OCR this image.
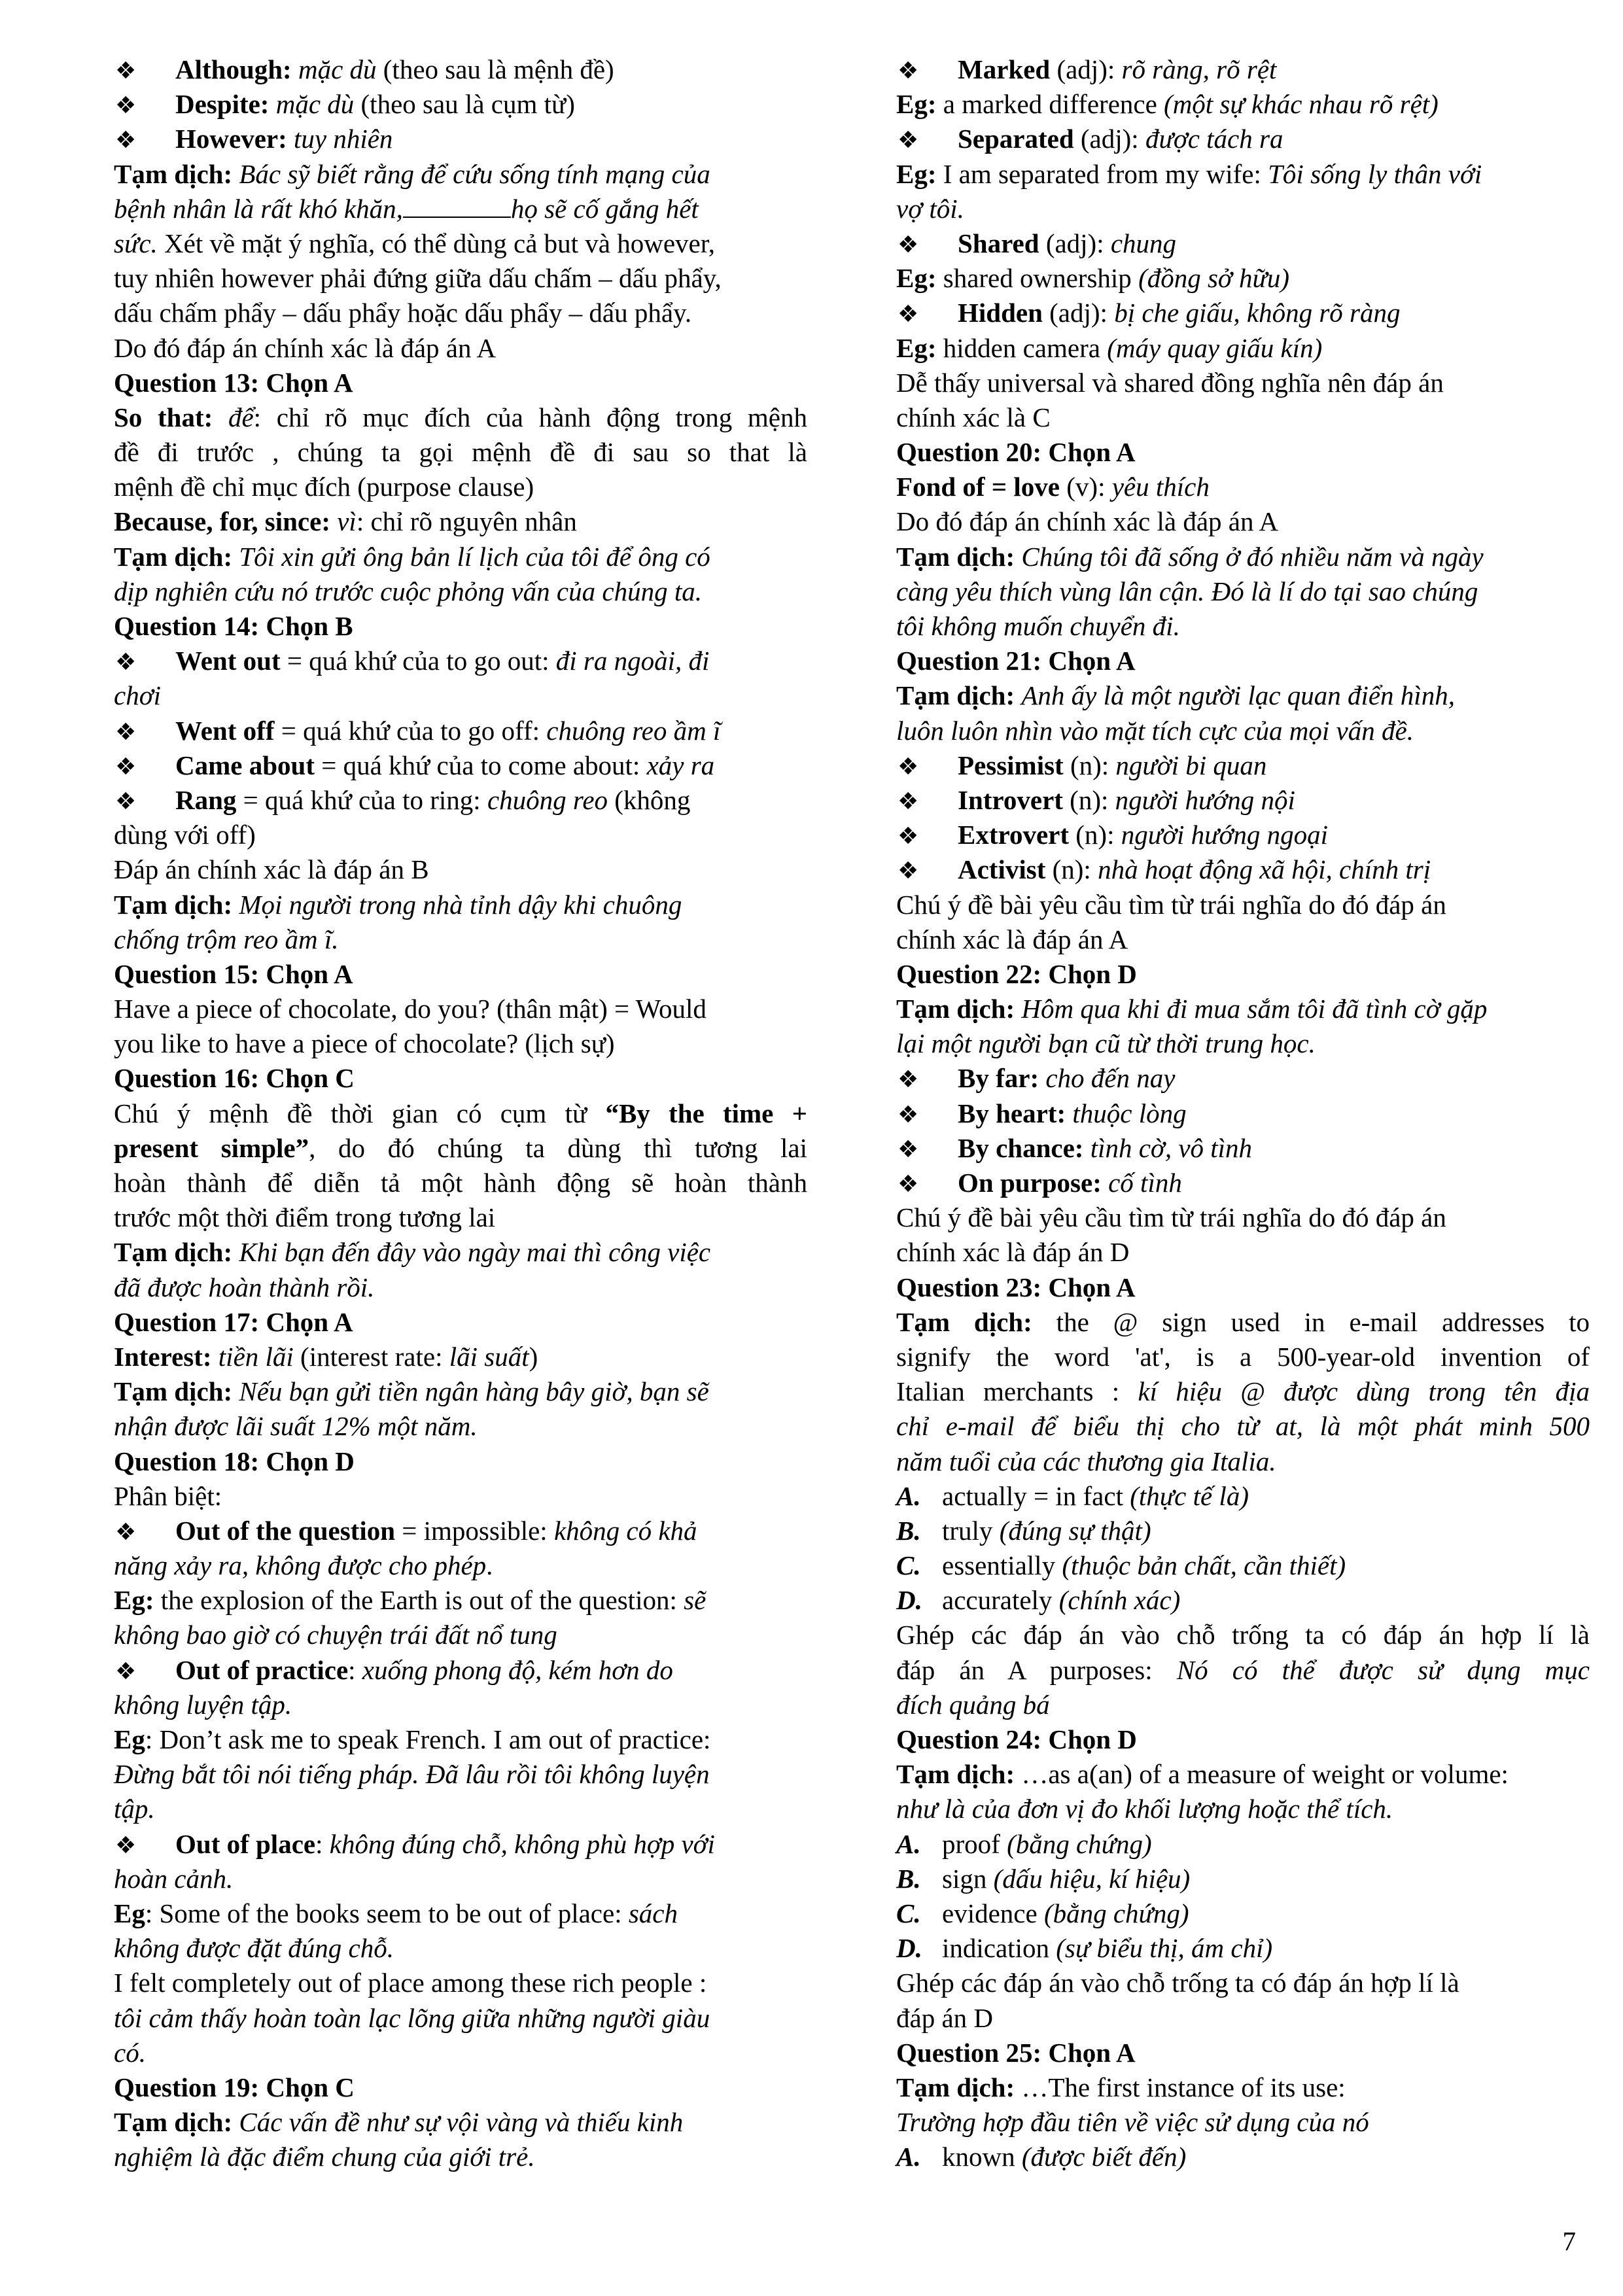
❖ Although: mặc dù (theo sau là mệnh đề)
❖ Despite: mặc dù (theo sau là cụm từ)
❖ However: tuy nhiên
Tạm dịch: Bác sỹ biết rằng để cứu sống tính mạng của
bệnh nhân là rất khó khăn,	họ sẽ cố gắng hết
sức. Xét về mặt ý nghĩa, có thể dùng cả but và however,
tuy nhiên however phải đứng giữa dấu chấm – dấu phẩy,
dấu chấm phẩy – dấu phẩy hoặc dấu phẩy – dấu phẩy.
Do đó đáp án chính xác là đáp án A
Question 13: Chọn A
So that: để: chỉ rõ mục đích của hành động trong mệnh
đề đi trước , chúng ta gọi mệnh đề đi sau so that là
mệnh đề chỉ mục đích (purpose clause)
Because, for, since: vì: chỉ rõ nguyên nhân
Tạm dịch: Tôi xin gửi ông bản lí lịch của tôi để ông có
dịp nghiên cứu nó trước cuộc phỏng vấn của chúng ta.
Question 14: Chọn B
❖ Went out = quá khứ của to go out: đi ra ngoài, đi
chơi
❖ Went off = quá khứ của to go off: chuông reo ầm ĩ
❖ Came about = quá khứ của to come about: xảy ra
❖ Rang = quá khứ của to ring: chuông reo (không
dùng với off)
Đáp án chính xác là đáp án B
Tạm dịch: Mọi người trong nhà tỉnh dậy khi chuông
chống trộm reo ầm ĩ.
Question 15: Chọn A
Have a piece of chocolate, do you? (thân mật) = Would
you like to have a piece of chocolate? (lịch sự)
Question 16: Chọn C
Chú ý mệnh đề thời gian có cụm từ “By the time +
present simple”, do đó chúng ta dùng thì tương lai
hoàn thành để diễn tả một hành động sẽ hoàn thành
trước một thời điểm trong tương lai
Tạm dịch: Khi bạn đến đây vào ngày mai thì công việc
đã được hoàn thành rồi.
Question 17: Chọn A
Interest: tiền lãi (interest rate: lãi suất)
Tạm dịch: Nếu bạn gửi tiền ngân hàng bây giờ, bạn sẽ
nhận được lãi suất 12% một năm.
Question 18: Chọn D
Phân biệt:
❖ Out of the question = impossible: không có khả
năng xảy ra, không được cho phép.
Eg: the explosion of the Earth is out of the question: sẽ
không bao giờ có chuyện trái đất nổ tung
❖ Out of practice: xuống phong độ, kém hơn do
không luyện tập.
Eg: Don’t ask me to speak French. I am out of practice:
Đừng bắt tôi nói tiếng pháp. Đã lâu rồi tôi không luyện
tập.
❖ Out of place: không đúng chỗ, không phù hợp với
hoàn cảnh.
Eg: Some of the books seem to be out of place: sách
không được đặt đúng chỗ.
I felt completely out of place among these rich people :
tôi cảm thấy hoàn toàn lạc lõng giữa những người giàu
có.
Question 19: Chọn C
Tạm dịch: Các vấn đề như sự vội vàng và thiếu kinh
nghiệm là đặc điểm chung của giới trẻ.
❖ Marked (adj): rõ ràng, rõ rệt
Eg: a marked difference (một sự khác nhau rõ rệt)
❖ Separated (adj): được tách ra
Eg: I am separated from my wife: Tôi sống ly thân với
vợ tôi.
❖ Shared (adj): chung
Eg: shared ownership (đồng sở hữu)
❖ Hidden (adj): bị che giấu, không rõ ràng
Eg: hidden camera (máy quay giấu kín)
Dễ thấy universal và shared đồng nghĩa nên đáp án
chính xác là C
Question 20: Chọn A
Fond of = love (v): yêu thích
Do đó đáp án chính xác là đáp án A
Tạm dịch: Chúng tôi đã sống ở đó nhiều năm và ngày
càng yêu thích vùng lân cận. Đó là lí do tại sao chúng
tôi không muốn chuyển đi.
Question 21: Chọn A
Tạm dịch: Anh ấy là một người lạc quan điển hình,
luôn luôn nhìn vào mặt tích cực của mọi vấn đề.
❖ Pessimist (n): người bi quan
❖ Introvert (n): người hướng nội
❖ Extrovert (n): người hướng ngoại
❖ Activist (n): nhà hoạt động xã hội, chính trị
Chú ý đề bài yêu cầu tìm từ trái nghĩa do đó đáp án
chính xác là đáp án A
Question 22: Chọn D
Tạm dịch: Hôm qua khi đi mua sắm tôi đã tình cờ gặp
lại một người bạn cũ từ thời trung học.
❖ By far: cho đến nay
❖ By heart: thuộc lòng
❖ By chance: tình cờ, vô tình
❖ On purpose: cố tình
Chú ý đề bài yêu cầu tìm từ trái nghĩa do đó đáp án
chính xác là đáp án D
Question 23: Chọn A
Tạm dịch: the @ sign used in e-mail addresses to
signify the word 'at', is a 500-year-old invention of
Italian merchants : kí hiệu @ được dùng trong tên địa
chỉ e-mail để biểu thị cho từ at, là một phát minh 500
năm tuổi của các thương gia Italia.
A. actually = in fact (thực tế là)
B. truly (đúng sự thật)
C. essentially (thuộc bản chất, cần thiết)
D. accurately (chính xác)
Ghép các đáp án vào chỗ trống ta có đáp án hợp lí là
đáp án A purposes: Nó có thể được sử dụng mục
đích quảng bá
Question 24: Chọn D
Tạm dịch: …as a(an) of a measure of weight or volume:
như là của đơn vị đo khối lượng hoặc thể tích.
A. proof (bằng chứng)
B. sign (dấu hiệu, kí hiệu)
C. evidence (bằng chứng)
D. indication (sự biểu thị, ám chỉ)
Ghép các đáp án vào chỗ trống ta có đáp án hợp lí là
đáp án D
Question 25: Chọn A
Tạm dịch: …The first instance of its use:
Trường hợp đầu tiên về việc sử dụng của nó
A. known (được biết đến)
7
